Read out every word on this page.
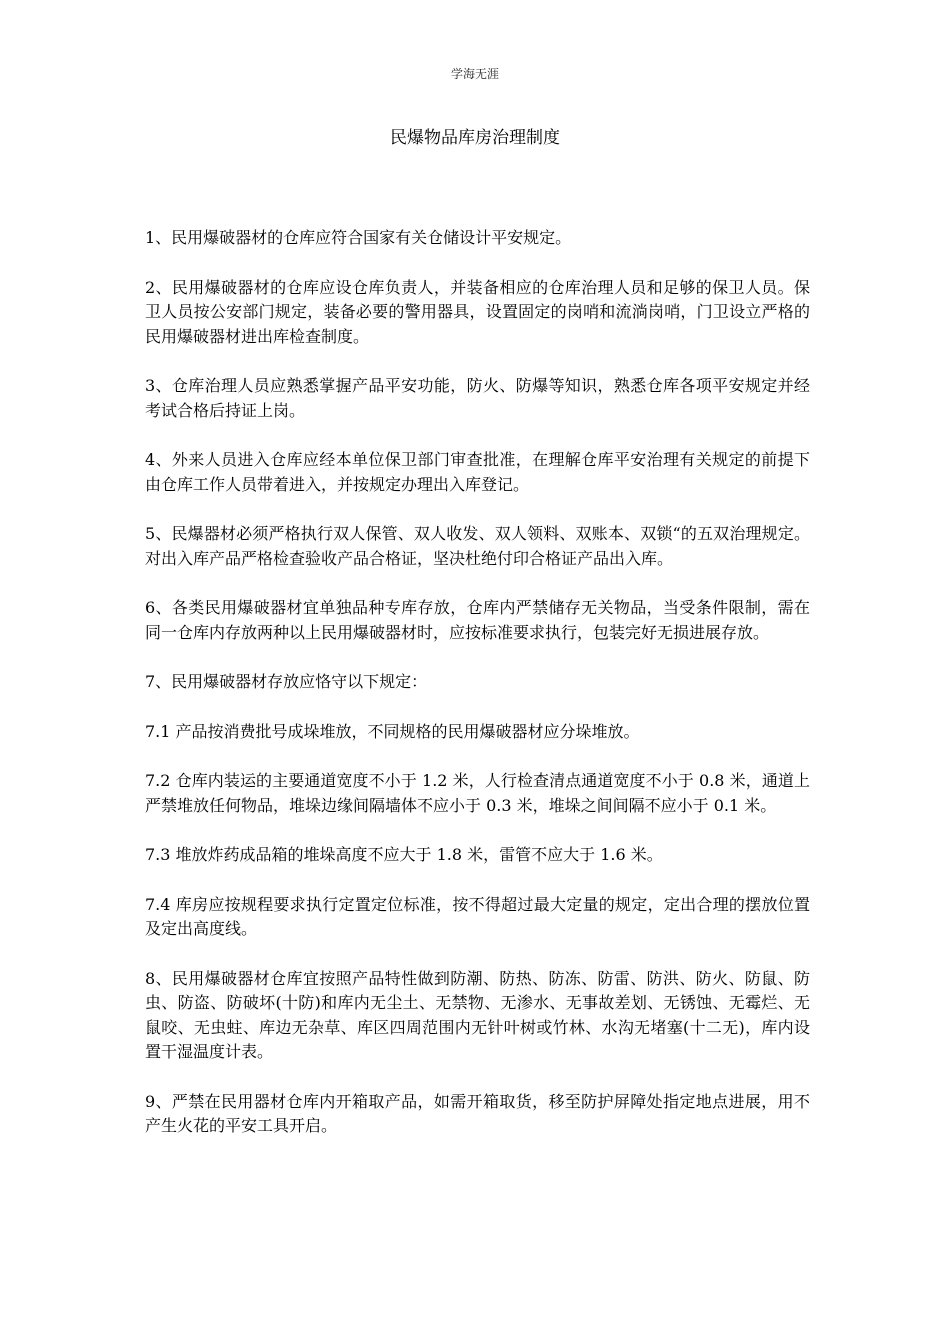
学海无涯
民爆物品库房治理制度

1、民用爆破器材的仓库应符合国家有关仓储设计平安规定。

2、民用爆破器材的仓库应设仓库负责人，并装备相应的仓库治理人员和足够的保卫人员。保卫人员按公安部门规定，装备必要的警用器具，设置固定的岗哨和流淌岗哨，门卫设立严格的民用爆破器材进出库检查制度。

3、仓库治理人员应熟悉掌握产品平安功能，防火、防爆等知识，熟悉仓库各项平安规定并经考试合格后持证上岗。

4、外来人员进入仓库应经本单位保卫部门审查批准，在理解仓库平安治理有关规定的前提下由仓库工作人员带着进入，并按规定办理出入库登记。

5、民爆器材必须严格执行双人保管、双人收发、双人领料、双账本、双锁“的五双治理规定。对出入库产品严格检查验收产品合格证，坚决杜绝付印合格证产品出入库。

6、各类民用爆破器材宜单独品种专库存放，仓库内严禁储存无关物品，当受条件限制，需在同一仓库内存放两种以上民用爆破器材时，应按标准要求执行，包装完好无损进展存放。

7、民用爆破器材存放应恪守以下规定：

7.1 产品按消费批号成垛堆放，不同规格的民用爆破器材应分垛堆放。

7.2 仓库内装运的主要通道宽度不小于 1.2 米，人行检查清点通道宽度不小于 0.8 米，通道上严禁堆放任何物品，堆垛边缘间隔墙体不应小于 0.3 米，堆垛之间间隔不应小于 0.1 米。

7.3 堆放炸药成品箱的堆垛高度不应大于 1.8 米，雷管不应大于 1.6 米。

7.4 库房应按规程要求执行定置定位标准，按不得超过最大定量的规定，定出合理的摆放位置及定出高度线。

8、民用爆破器材仓库宜按照产品特性做到防潮、防热、防冻、防雷、防洪、防火、防鼠、防虫、防盗、防破坏(十防)和库内无尘土、无禁物、无渗水、无事故差划、无锈蚀、无霉烂、无鼠咬、无虫蛀、库边无杂草、库区四周范围内无针叶树或竹林、水沟无堵塞(十二无)，库内设置干湿温度计表。

9、严禁在民用器材仓库内开箱取产品，如需开箱取货，移至防护屏障处指定地点进展，用不产生火花的平安工具开启。
